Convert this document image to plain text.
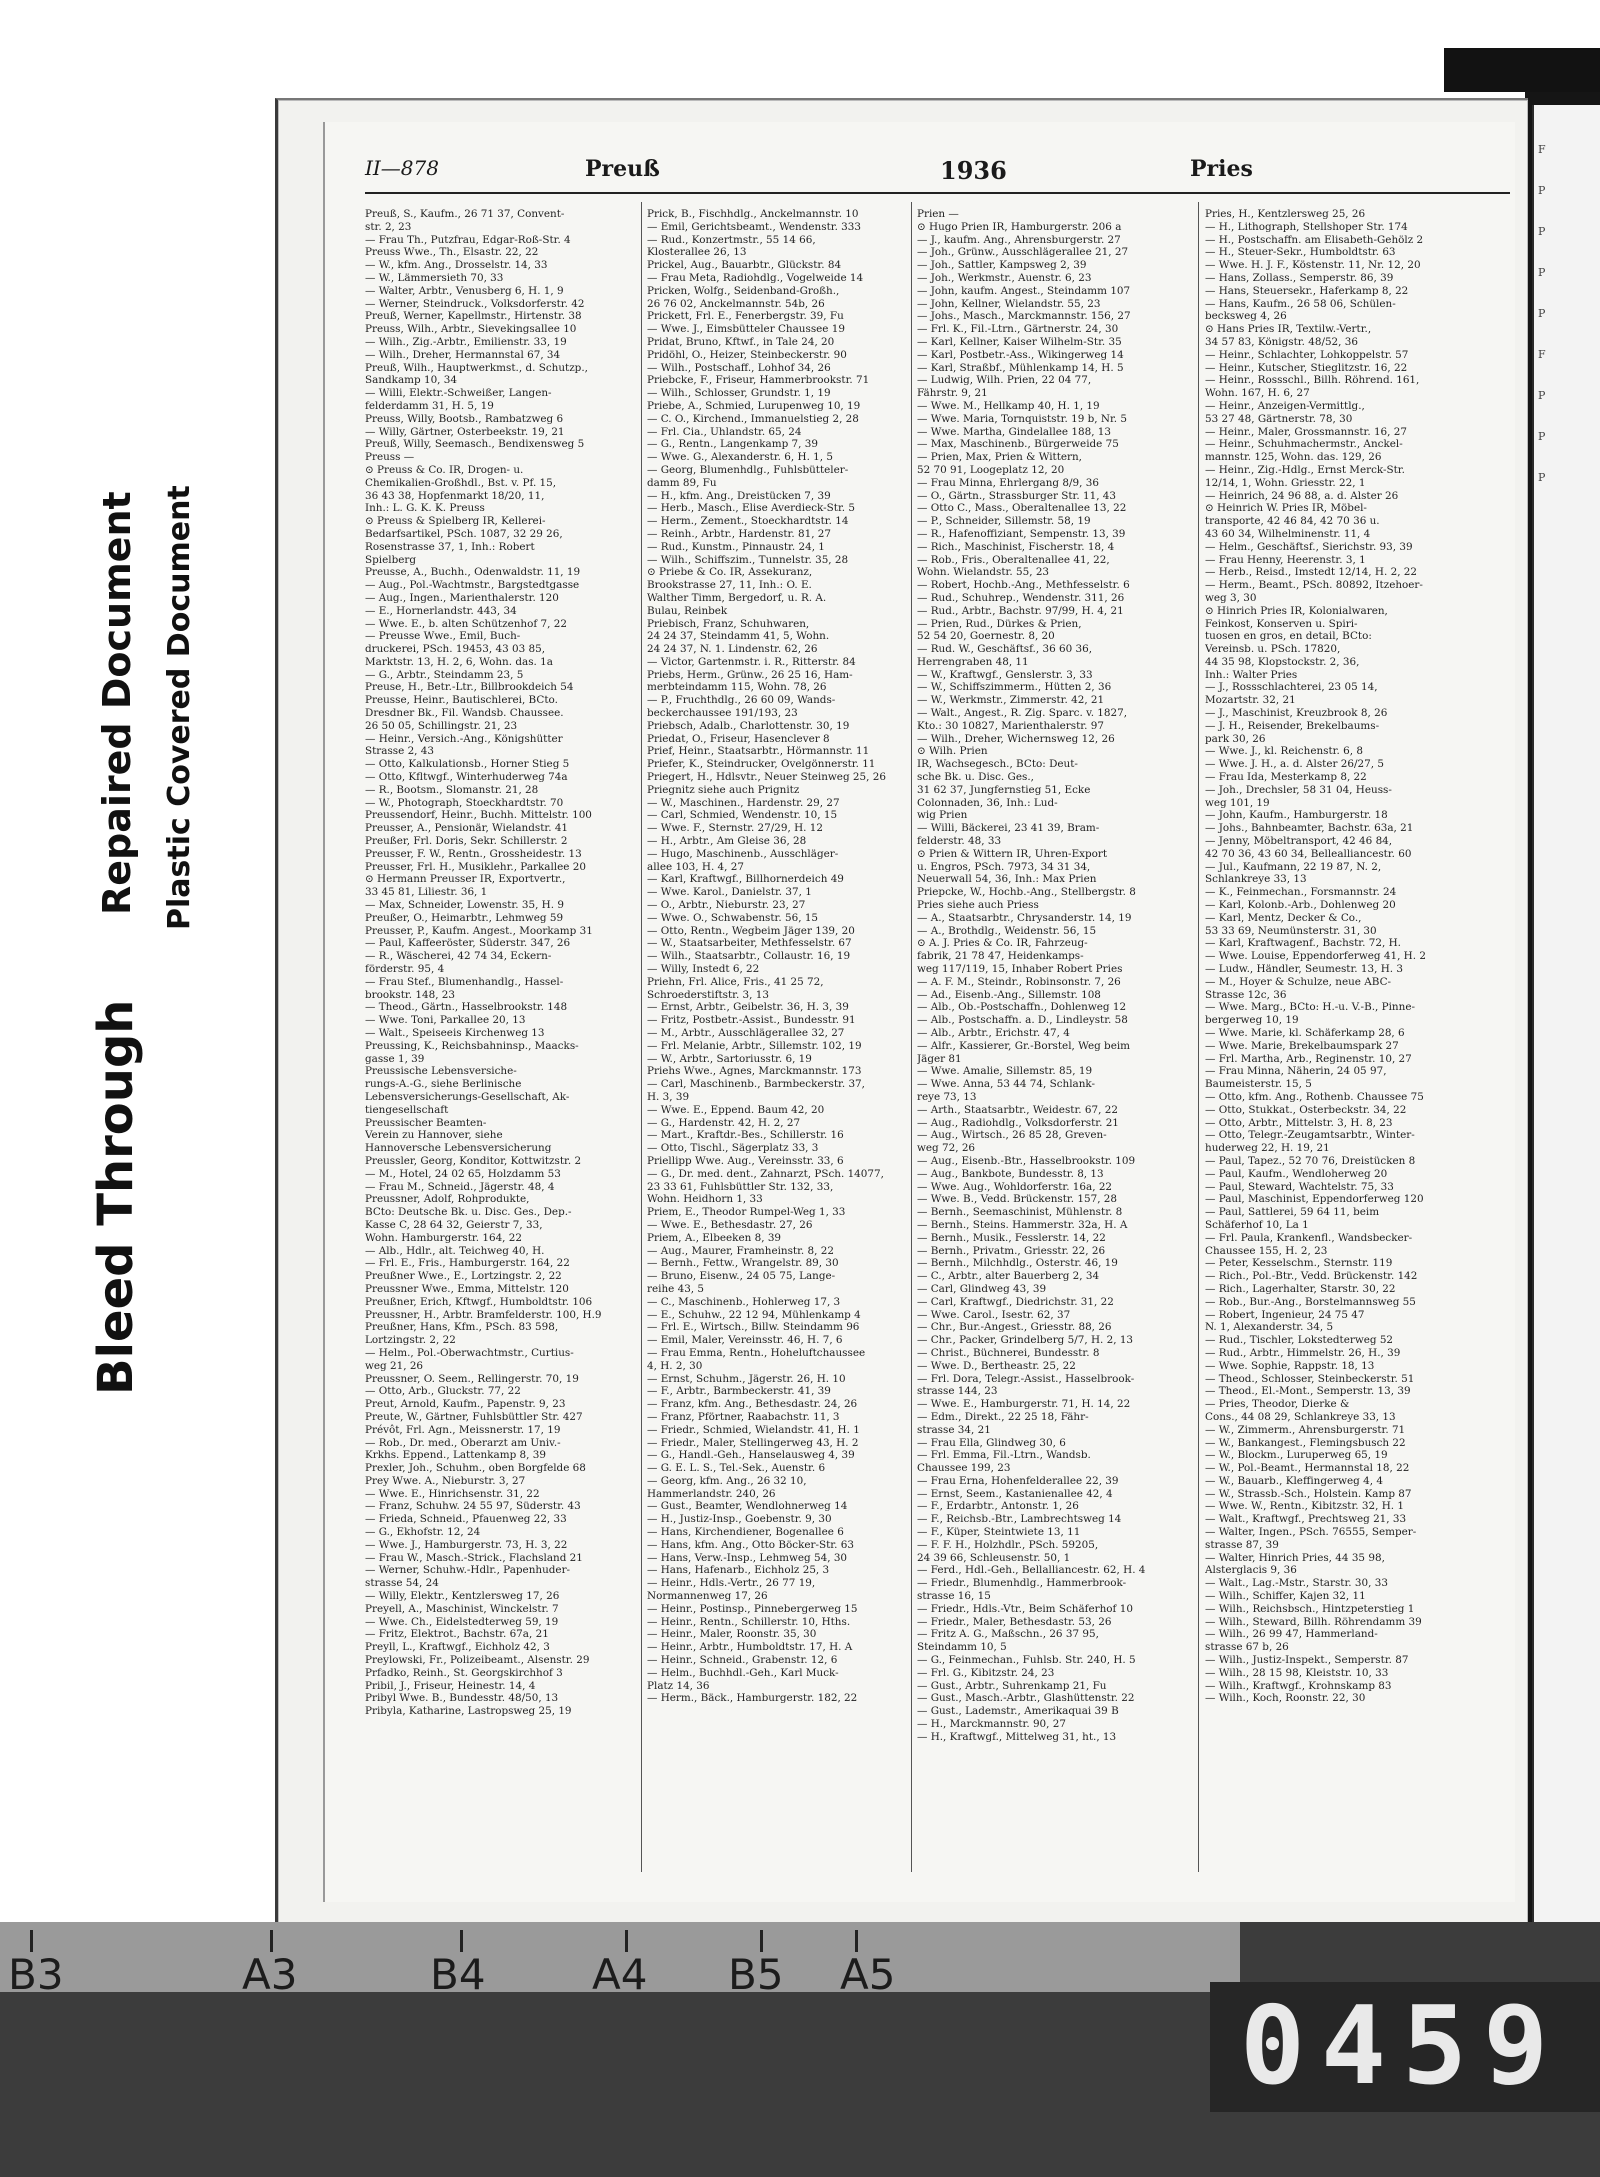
Bleed Through
Repaired Document Plastic Covered Document
F
P
P
P
P
F
P
P
P
II—878	Preuß	1936	Pries
Preuß, S., Kaufm., 26 71 37, Convent-
str. 2, 23
— Frau Th., Putzfrau, Edgar-Roß-Str. 4
Preuss Wwe., Th., Elsastr. 22, 22
— W., kfm. Ang., Drosselstr. 14, 33
— W., Lämmersieth 70, 33
— Walter, Arbtr., Venusberg 6, H. 1, 9
— Werner, Steindruck., Volksdorferstr. 42
Preuß, Werner, Kapellmstr., Hirtenstr. 38
Preuss, Wilh., Arbtr., Sievekingsallee 10
— Wilh., Zig.-Arbtr., Emilienstr. 33, 19
— Wilh., Dreher, Hermannstal 67, 34
Preuß, Wilh., Hauptwerkmst., d. Schutzp.,
Sandkamp 10, 34
— Willi, Elektr.-Schweißer, Langen-
felderdamm 31, H. 5, 19
Preuss, Willy, Bootsb., Rambatzweg 6
— Willy, Gärtner, Osterbeekstr. 19, 21
Preuß, Willy, Seemasch., Bendixensweg 5
Preuss —
⊙ Preuss & Co. IR, Drogen- u.
Chemikalien-Großhdl., Bst. v. Pf. 15,
36 43 38, Hopfenmarkt 18/20, 11,
Inh.: L. G. K. K. Preuss
⊙ Preuss & Spielberg IR, Kellerei-
Bedarfsartikel, PSch. 1087, 32 29 26,
Rosenstrasse 37, 1, Inh.: Robert
Spielberg
Preusse, A., Buchh., Odenwaldstr. 11, 19
— Aug., Pol.-Wachtmstr., Bargstedtgasse
— Aug., Ingen., Marienthalerstr. 120
— E., Hornerlandstr. 443, 34
— Wwe. E., b. alten Schützenhof 7, 22
— Preusse Wwe., Emil, Buch-
druckerei, PSch. 19453, 43 03 85,
Marktstr. 13, H. 2, 6, Wohn. das. 1a
— G., Arbtr., Steindamm 23, 5
Preuse, H., Betr.-Ltr., Billbrookdeich 54
Preusse, Heinr., Bautischlerei, BCto.
Dresdner Bk., Fil. Wandsb. Chaussee.
26 50 05, Schillingstr. 21, 23
— Heinr., Versich.-Ang., Königshütter
Strasse 2, 43
— Otto, Kalkulationsb., Horner Stieg 5
— Otto, Kfltwgf., Winterhuderweg 74a
— R., Bootsm., Slomanstr. 21, 28
— W., Photograph, Stoeckhardtstr. 70
Preussendorf, Heinr., Buchh. Mittelstr. 100
Preusser, A., Pensionär, Wielandstr. 41
Preußer, Frl. Doris, Sekr. Schillerstr. 2
Preusser, F. W., Rentn., Grossheidestr. 13
Preusser, Frl. H., Musiklehr., Parkallee 20
⊙ Hermann Preusser IR, Exportvertr.,
33 45 81, Liliestr. 36, 1
— Max, Schneider, Lowenstr. 35, H. 9
Preußer, O., Heimarbtr., Lehmweg 59
Preusser, P., Kaufm. Angest., Moorkamp 31
— Paul, Kaffeeröster, Süderstr. 347, 26
— R., Wäscherei, 42 74 34, Eckern-
förderstr. 95, 4
— Frau Stef., Blumenhandlg., Hassel-
brookstr. 148, 23
— Theod., Gärtn., Hasselbrookstr. 148
— Wwe. Toni, Parkallee 20, 13
— Walt., Speiseeis Kirchenweg 13
Preussing, K., Reichsbahninsp., Maacks-
gasse 1, 39
Preussische Lebensversiche-
rungs-A.-G., siehe Berlinische
Lebensversicherungs-Gesellschaft, Ak-
tiengesellschaft
Preussischer Beamten-
Verein zu Hannover, siehe
Hannoversche Lebensversicherung
Preussler, Georg, Konditor, Kottwitzstr. 2
— M., Hotel, 24 02 65, Holzdamm 53
— Frau M., Schneid., Jägerstr. 48, 4
Preussner, Adolf, Rohprodukte,
BCto: Deutsche Bk. u. Disc. Ges., Dep.-
Kasse C, 28 64 32, Geierstr 7, 33,
Wohn. Hamburgerstr. 164, 22
— Alb., Hdlr., alt. Teichweg 40, H.
— Frl. E., Fris., Hamburgerstr. 164, 22
Preußner Wwe., E., Lortzingstr. 2, 22
Preussner Wwe., Emma, Mittelstr. 120
Preußner, Erich, Kftwgf., Humboldtstr. 106
Preussner, H., Arbtr. Bramfelderstr. 100, H.9
Preußner, Hans, Kfm., PSch. 83 598,
Lortzingstr. 2, 22
— Helm., Pol.-Oberwachtmstr., Curtius-
weg 21, 26
Preussner, O. Seem., Rellingerstr. 70, 19
— Otto, Arb., Gluckstr. 77, 22
Preut, Arnold, Kaufm., Papenstr. 9, 23
Preute, W., Gärtner, Fuhlsbüttler Str. 427
Prévôt, Frl. Agn., Meissnerstr. 17, 19
— Rob., Dr. med., Oberarzt am Univ.-
Krkhs. Eppend., Lattenkamp 8, 39
Prexler, Joh., Schuhm., oben Borgfelde 68
Prey Wwe. A., Nieburstr. 3, 27
— Wwe. E., Hinrichsenstr. 31, 22
— Franz, Schuhw. 24 55 97, Süderstr. 43
— Frieda, Schneid., Pfauenweg 22, 33
— G., Ekhofstr. 12, 24
— Wwe. J., Hamburgerstr. 73, H. 3, 22
— Frau W., Masch.-Strick., Flachsland 21
— Werner, Schuhw.-Hdlr., Papenhuder-
strasse 54, 24
— Willy, Elektr., Kentzlersweg 17, 26
Preyell, A., Maschinist, Winckelstr. 7
— Wwe. Ch., Eidelstedterweg 59, 19
— Fritz, Elektrot., Bachstr. 67a, 21
Preyll, L., Kraftwgf., Eichholz 42, 3
Preylowski, Fr., Polizeibeamt., Alsenstr. 29
Prfadko, Reinh., St. Georgskirchhof 3
Pribil, J., Friseur, Heinestr. 14, 4
Pribyl Wwe. B., Bundesstr. 48/50, 13
Pribyla, Katharine, Lastropsweg 25, 19
Prick, B., Fischhdlg., Anckelmannstr. 10
— Emil, Gerichtsbeamt., Wendenstr. 333
— Rud., Konzertmstr., 55 14 66,
Klosterallee 26, 13
Prickel, Aug., Bauarbtr., Glückstr. 84
— Frau Meta, Radiohdlg., Vogelweide 14
Pricken, Wolfg., Seidenband-Großh.,
26 76 02, Anckelmannstr. 54b, 26
Prickett, Frl. E., Fenerbergstr. 39, Fu
— Wwe. J., Eimsbütteler Chaussee 19
Pridat, Bruno, Kftwf., in Tale 24, 20
Pridöhl, O., Heizer, Steinbeckerstr. 90
— Wilh., Postschaff., Lohhof 34, 26
Priebcke, F., Friseur, Hammerbrookstr. 71
— Wilh., Schlosser, Grundstr. 1, 19
Priebe, A., Schmied, Lurupenweg 10, 19
— C. O., Kirchend., Immanuelstieg 2, 28
— Frl. Cia., Uhlandstr. 65, 24
— G., Rentn., Langenkamp 7, 39
— Wwe. G., Alexanderstr. 6, H. 1, 5
— Georg, Blumenhdlg., Fuhlsbütteler-
damm 89, Fu
— H., kfm. Ang., Dreistücken 7, 39
— Herb., Masch., Elise Averdieck-Str. 5
— Herm., Zement., Stoeckhardtstr. 14
— Reinh., Arbtr., Hardenstr. 81, 27
— Rud., Kunstm., Pinnaustr. 24, 1
— Wilh., Schiffszim., Tunnelstr. 35, 28
⊙ Priebe & Co. IR, Assekuranz,
Brookstrasse 27, 11, Inh.: O. E.
Walther Timm, Bergedorf, u. R. A.
Bulau, Reinbek
Priebisch, Franz, Schuhwaren,
24 24 37, Steindamm 41, 5, Wohn.
24 24 37, N. 1. Lindenstr. 62, 26
— Victor, Gartenmstr. i. R., Ritterstr. 84
Priebs, Herm., Grünw., 26 25 16, Ham-
merbteindamm 115, Wohn. 78, 26
— P., Fruchthdlg., 26 60 09, Wands-
beckerchaussee 191/193, 23
Priebsch, Adalb., Charlottenstr. 30, 19
Priedat, O., Friseur, Hasenclever 8
Prief, Heinr., Staatsarbtr., Hörmannstr. 11
Priefer, K., Steindrucker, Ovelgönnerstr. 11
Priegert, H., Hdlsvtr., Neuer Steinweg 25, 26
Priegnitz siehe auch Prignitz
— W., Maschinen., Hardenstr. 29, 27
— Carl, Schmied, Wendenstr. 10, 15
— Wwe. F., Sternstr. 27/29, H. 12
— H., Arbtr., Am Gleise 36, 28
— Hugo, Maschinenb., Ausschläger-
allee 103, H. 4, 27
— Karl, Kraftwgf., Billhornerdeich 49
— Wwe. Karol., Danielstr. 37, 1
— O., Arbtr., Nieburstr. 23, 27
— Wwe. O., Schwabenstr. 56, 15
— Otto, Rentn., Wegbeim Jäger 139, 20
— W., Staatsarbeiter, Methfesselstr. 67
— Wilh., Staatsarbtr., Collaustr. 16, 19
— Willy, Instedt 6, 22
Priehn, Frl. Alice, Fris., 41 25 72,
Schroederstiftstr. 3, 13
— Ernst, Arbtr., Geibelstr. 36, H. 3, 39
— Fritz, Postbetr.-Assist., Bundesstr. 91
— M., Arbtr., Ausschlägerallee 32, 27
— Frl. Melanie, Arbtr., Sillemstr. 102, 19
— W., Arbtr., Sartoriusstr. 6, 19
Priehs Wwe., Agnes, Marckmannstr. 173
— Carl, Maschinenb., Barmbeckerstr. 37,
H. 3, 39
— Wwe. E., Eppend. Baum 42, 20
— G., Hardenstr. 42, H. 2, 27
— Mart., Kraftdr.-Bes., Schillerstr. 16
— Otto, Tischl., Sägerplatz 33, 3
Priellipp Wwe. Aug., Vereinsstr. 33, 6
— G., Dr. med. dent., Zahnarzt, PSch. 14077,
23 33 61, Fuhlsbüttler Str. 132, 33,
Wohn. Heidhorn 1, 33
Priem, E., Theodor Rumpel-Weg 1, 33
— Wwe. E., Bethesdastr. 27, 26
Priem, A., Elbeeken 8, 39
— Aug., Maurer, Framheinstr. 8, 22
— Bernh., Fettw., Wrangelstr. 89, 30
— Bruno, Eisenw., 24 05 75, Lange-
reihe 43, 5
— C., Maschinenb., Hohlerweg 17, 3
— E., Schuhw., 22 12 94, Mühlenkamp 4
— Frl. E., Wirtsch., Billw. Steindamm 96
— Emil, Maler, Vereinsstr. 46, H. 7, 6
— Frau Emma, Rentn., Hoheluftchaussee
4, H. 2, 30
— Ernst, Schuhm., Jägerstr. 26, H. 10
— F., Arbtr., Barmbeckerstr. 41, 39
— Franz, kfm. Ang., Bethesdastr. 24, 26
— Franz, Pförtner, Raabachstr. 11, 3
— Friedr., Schmied, Wielandstr. 41, H. 1
— Friedr., Maler, Stellingerweg 43, H. 2
— G., Handl.-Geh., Hanselausweg 4, 39
— G. E. L. S., Tel.-Sek., Auenstr. 6
— Georg, kfm. Ang., 26 32 10,
Hammerlandstr. 240, 26
— Gust., Beamter, Wendlohnerweg 14
— H., Justiz-Insp., Goebenstr. 9, 30
— Hans, Kirchendiener, Bogenallee 6
— Hans, kfm. Ang., Otto Böcker-Str. 63
— Hans, Verw.-Insp., Lehmweg 54, 30
— Hans, Hafenarb., Eichholz 25, 3
— Heinr., Hdls.-Vertr., 26 77 19,
Normannenweg 17, 26
— Heinr., Postinsp., Pinnebergerweg 15
— Heinr., Rentn., Schillerstr. 10, Hths.
— Heinr., Maler, Roonstr. 35, 30
— Heinr., Arbtr., Humboldtstr. 17, H. A
— Heinr., Schneid., Grabenstr. 12, 6
— Helm., Buchhdl.-Geh., Karl Muck-
Platz 14, 36
— Herm., Bäck., Hamburgerstr. 182, 22
Prien —
⊙ Hugo Prien IR, Hamburgerstr. 206 a
— J., kaufm. Ang., Ahrensburgerstr. 27
— Joh., Grünw., Ausschlägerallee 21, 27
— Joh., Sattler, Kampsweg 2, 39
— Joh., Werkmstr., Auenstr. 6, 23
— John, kaufm. Angest., Steindamm 107
— John, Kellner, Wielandstr. 55, 23
— Johs., Masch., Marckmannstr. 156, 27
— Frl. K., Fil.-Ltrn., Gärtnerstr. 24, 30
— Karl, Kellner, Kaiser Wilhelm-Str. 35
— Karl, Postbetr.-Ass., Wikingerweg 14
— Karl, Straßbf., Mühlenkamp 14, H. 5
— Ludwig, Wilh. Prien, 22 04 77,
Fährstr. 9, 21
— Wwe. M., Hellkamp 40, H. 1, 19
— Wwe. Maria, Tornquiststr. 19 b, Nr. 5
— Wwe. Martha, Gindelallee 188, 13
— Max, Maschinenb., Bürgerweide 75
— Prien, Max, Prien & Wittern,
52 70 91, Loogeplatz 12, 20
— Frau Minna, Ehrlergang 8/9, 36
— O., Gärtn., Strassburger Str. 11, 43
— Otto C., Mass., Oberaltenallee 13, 22
— P., Schneider, Sillemstr. 58, 19
— R., Hafenoffiziant, Sempenstr. 13, 39
— Rich., Maschinist, Fischerstr. 18, 4
— Rob., Fris., Oberaltenallee 41, 22,
Wohn. Wielandstr. 55, 23
— Robert, Hochb.-Ang., Methfesselstr. 6
— Rud., Schuhrep., Wendenstr. 311, 26
— Rud., Arbtr., Bachstr. 97/99, H. 4, 21
— Prien, Rud., Dürkes & Prien,
52 54 20, Goernestr. 8, 20
— Rud. W., Geschäftsf., 36 60 36,
Herrengraben 48, 11
— W., Kraftwgf., Genslerstr. 3, 33
— W., Schiffszimmerm., Hütten 2, 36
— W., Werkmstr., Zimmerstr. 42, 21
— Walt., Angest., R. Zig. Sparc. v. 1827,
Kto.: 30 10827, Marienthalerstr. 97
— Wilh., Dreher, Wichernsweg 12, 26
⊙ Wilh. Prien
IR, Wachsegesch., BCto: Deut-
sche Bk. u. Disc. Ges.,
31 62 37, Jungfernstieg 51, Ecke
Colonnaden, 36, Inh.: Lud-
wig Prien
— Willi, Bäckerei, 23 41 39, Bram-
felderstr. 48, 33
⊙ Prien & Wittern IR, Uhren-Export
u. Engros, PSch. 7973, 34 31 34,
Neuerwall 54, 36, Inh.: Max Prien
Priepcke, W., Hochb.-Ang., Stellbergstr. 8
Pries siehe auch Priess
— A., Staatsarbtr., Chrysanderstr. 14, 19
— A., Brothdlg., Weidenstr. 56, 15
⊙ A. J. Pries & Co. IR, Fahrzeug-
fabrik, 21 78 47, Heidenkamps-
weg 117/119, 15, Inhaber Robert Pries
— A. F. M., Steindr., Robinsonstr. 7, 26
— Ad., Eisenb.-Ang., Sillemstr. 108
— Alb., Ob.-Postschaffn., Dohlenweg 12
— Alb., Postschaffn. a. D., Lindleystr. 58
— Alb., Arbtr., Erichstr. 47, 4
— Alfr., Kassierer, Gr.-Borstel, Weg beim
Jäger 81
— Wwe. Amalie, Sillemstr. 85, 19
— Wwe. Anna, 53 44 74, Schlank-
reye 73, 13
— Arth., Staatsarbtr., Weidestr. 67, 22
— Aug., Radiohdlg., Volksdorferstr. 21
— Aug., Wirtsch., 26 85 28, Greven-
weg 72, 26
— Aug., Eisenb.-Btr., Hasselbrookstr. 109
— Aug., Bankbote, Bundesstr. 8, 13
— Wwe. Aug., Wohldorferstr. 16a, 22
— Wwe. B., Vedd. Brückenstr. 157, 28
— Bernh., Seemaschinist, Mühlenstr. 8
— Bernh., Steins. Hammerstr. 32a, H. A
— Bernh., Musik., Fesslerstr. 14, 22
— Bernh., Privatm., Griesstr. 22, 26
— Bernh., Milchhdlg., Osterstr. 46, 19
— C., Arbtr., alter Bauerberg 2, 34
— Carl, Glindweg 43, 39
— Carl, Kraftwgf., Diedrichstr. 31, 22
— Wwe. Carol., Isestr. 62, 37
— Chr., Bur.-Angest., Griesstr. 88, 26
— Chr., Packer, Grindelberg 5/7, H. 2, 13
— Christ., Büchnerei, Bundesstr. 8
— Wwe. D., Bertheastr. 25, 22
— Frl. Dora, Telegr.-Assist., Hasselbrook-
strasse 144, 23
— Wwe. E., Hamburgerstr. 71, H. 14, 22
— Edm., Direkt., 22 25 18, Fähr-
strasse 34, 21
— Frau Ella, Glindweg 30, 6
— Frl. Emma, Fil.-Ltrn., Wandsb.
Chaussee 199, 23
— Frau Erna, Hohenfelderallee 22, 39
— Ernst, Seem., Kastanienallee 42, 4
— F., Erdarbtr., Antonstr. 1, 26
— F., Reichsb.-Btr., Lambrechtsweg 14
— F., Küper, Steintwiete 13, 11
— F. F. H., Holzhdlr., PSch. 59205,
24 39 66, Schleusenstr. 50, 1
— Ferd., Hdl.-Geh., Bellalliancestr. 62, H. 4
— Friedr., Blumenhdlg., Hammerbrook-
strasse 16, 15
— Friedr., Hdls.-Vtr., Beim Schäferhof 10
— Friedr., Maler, Bethesdastr. 53, 26
— Fritz A. G., Maßschn., 26 37 95,
Steindamm 10, 5
— G., Feinmechan., Fuhlsb. Str. 240, H. 5
— Frl. G., Kibitzstr. 24, 23
— Gust., Arbtr., Suhrenkamp 21, Fu
— Gust., Masch.-Arbtr., Glashüttenstr. 22
— Gust., Lademstr., Amerikaquai 39 B
— H., Marckmannstr. 90, 27
— H., Kraftwgf., Mittelweg 31, ht., 13
Pries, H., Kentzlersweg 25, 26
— H., Lithograph, Stellshoper Str. 174
— H., Postschaffn. am Elisabeth-Gehölz 2
— H., Steuer-Sekr., Humboldtstr. 63
— Wwe. H. J. F., Köstenstr. 11, Nr. 12, 20
— Hans, Zollass., Semperstr. 86, 39
— Hans, Steuersekr., Haferkamp 8, 22
— Hans, Kaufm., 26 58 06, Schülen-
becksweg 4, 26
⊙ Hans Pries IR, Textilw.-Vertr.,
34 57 83, Königstr. 48/52, 36
— Heinr., Schlachter, Lohkoppelstr. 57
— Heinr., Kutscher, Stieglitzstr. 16, 22
— Heinr., Rossschl., Billh. Röhrend. 161,
Wohn. 167, H. 6, 27
— Heinr., Anzeigen-Vermittlg.,
53 27 48, Gärtnerstr. 78, 30
— Heinr., Maler, Grossmannstr. 16, 27
— Heinr., Schuhmachermstr., Anckel-
mannstr. 125, Wohn. das. 129, 26
— Heinr., Zig.-Hdlg., Ernst Merck-Str.
12/14, 1, Wohn. Griesstr. 22, 1
— Heinrich, 24 96 88, a. d. Alster 26
⊙ Heinrich W. Pries IR, Möbel-
transporte, 42 46 84, 42 70 36 u.
43 60 34, Wilhelminenstr. 11, 4
— Helm., Geschäftsf., Sierichstr. 93, 39
— Frau Henny, Heerenstr. 3, 1
— Herb., Reisd., Imstedt 12/14, H. 2, 22
— Herm., Beamt., PSch. 80892, Itzehoer-
weg 3, 30
⊙ Hinrich Pries IR, Kolonialwaren,
Feinkost, Konserven u. Spiri-
tuosen en gros, en detail, BCto:
Vereinsb. u. PSch. 17820,
44 35 98, Klopstockstr. 2, 36,
Inh.: Walter Pries
— J., Rossschlachterei, 23 05 14,
Mozartstr. 32, 21
— J., Maschinist, Kreuzbrook 8, 26
— J. H., Reisender, Brekelbaums-
park 30, 26
— Wwe. J., kl. Reichenstr. 6, 8
— Wwe. J. H., a. d. Alster 26/27, 5
— Frau Ida, Mesterkamp 8, 22
— Joh., Drechsler, 58 31 04, Heuss-
weg 101, 19
— John, Kaufm., Hamburgerstr. 18
— Johs., Bahnbeamter, Bachstr. 63a, 21
— Jenny, Möbeltransport, 42 46 84,
42 70 36, 43 60 34, Bellealliancestr. 60
— Jul., Kaufmann, 22 19 87, N. 2,
Schlankreye 33, 13
— K., Feinmechan., Forsmannstr. 24
— Karl, Kolonb.-Arb., Dohlenweg 20
— Karl, Mentz, Decker & Co.,
53 33 69, Neumünsterstr. 31, 30
— Karl, Kraftwagenf., Bachstr. 72, H.
— Wwe. Louise, Eppendorferweg 41, H. 2
— Ludw., Händler, Seumestr. 13, H. 3
— M., Hoyer & Schulze, neue ABC-
Strasse 12c, 36
— Wwe. Marg., BCto: H.-u. V.-B., Pinne-
bergerweg 10, 19
— Wwe. Marie, kl. Schäferkamp 28, 6
— Wwe. Marie, Brekelbaumspark 27
— Frl. Martha, Arb., Reginenstr. 10, 27
— Frau Minna, Näherin, 24 05 97,
Baumeisterstr. 15, 5
— Otto, kfm. Ang., Rothenb. Chaussee 75
— Otto, Stukkat., Osterbeckstr. 34, 22
— Otto, Arbtr., Mittelstr. 3, H. 8, 23
— Otto, Telegr.-Zeugamtsarbtr., Winter-
huderweg 22, H. 19, 21
— Paul, Tapez., 52 70 76, Dreistücken 8
— Paul, Kaufm., Wendloherweg 20
— Paul, Steward, Wachtelstr. 75, 33
— Paul, Maschinist, Eppendorferweg 120
— Paul, Sattlerei, 59 64 11, beim
Schäferhof 10, La 1
— Frl. Paula, Krankenfl., Wandsbecker-
Chaussee 155, H. 2, 23
— Peter, Kesselschm., Sternstr. 119
— Rich., Pol.-Btr., Vedd. Brückenstr. 142
— Rich., Lagerhalter, Starstr. 30, 22
— Rob., Bur.-Ang., Borstelmannsweg 55
— Robert, Ingenieur, 24 75 47
N. 1, Alexanderstr. 34, 5
— Rud., Tischler, Lokstedterweg 52
— Rud., Arbtr., Himmelstr. 26, H., 39
— Wwe. Sophie, Rappstr. 18, 13
— Theod., Schlosser, Steinbeckerstr. 51
— Theod., El.-Mont., Semperstr. 13, 39
— Pries, Theodor, Dierke &
Cons., 44 08 29, Schlankreye 33, 13
— W., Zimmerm., Ahrensburgerstr. 71
— W., Bankangest., Flemingsbusch 22
— W., Blockm., Luruperweg 65, 19
— W., Pol.-Beamt., Hermannstal 18, 22
— W., Bauarb., Kleffingerweg 4, 4
— W., Strassb.-Sch., Holstein. Kamp 87
— Wwe. W., Rentn., Kibitzstr. 32, H. 1
— Walt., Kraftwgf., Prechtsweg 21, 33
— Walter, Ingen., PSch. 76555, Semper-
strasse 87, 39
— Walter, Hinrich Pries, 44 35 98,
Alsterglacis 9, 36
— Walt., Lag.-Mstr., Starstr. 30, 33
— Wilh., Schiffer, Kajen 32, 11
— Wilh., Reichsbsch., Hintzpeterstieg 1
— Wilh., Steward, Billh. Röhrendamm 39
— Wilh., 26 99 47, Hammerland-
strasse 67 b, 26
— Wilh., Justiz-Inspekt., Semperstr. 87
— Wilh., 28 15 98, Kleiststr. 10, 33
— Wilh., Kraftwgf., Krohnskamp 83
— Wilh., Koch, Roonstr. 22, 30
B3	A3	B4	A4 B5 A5
0459
